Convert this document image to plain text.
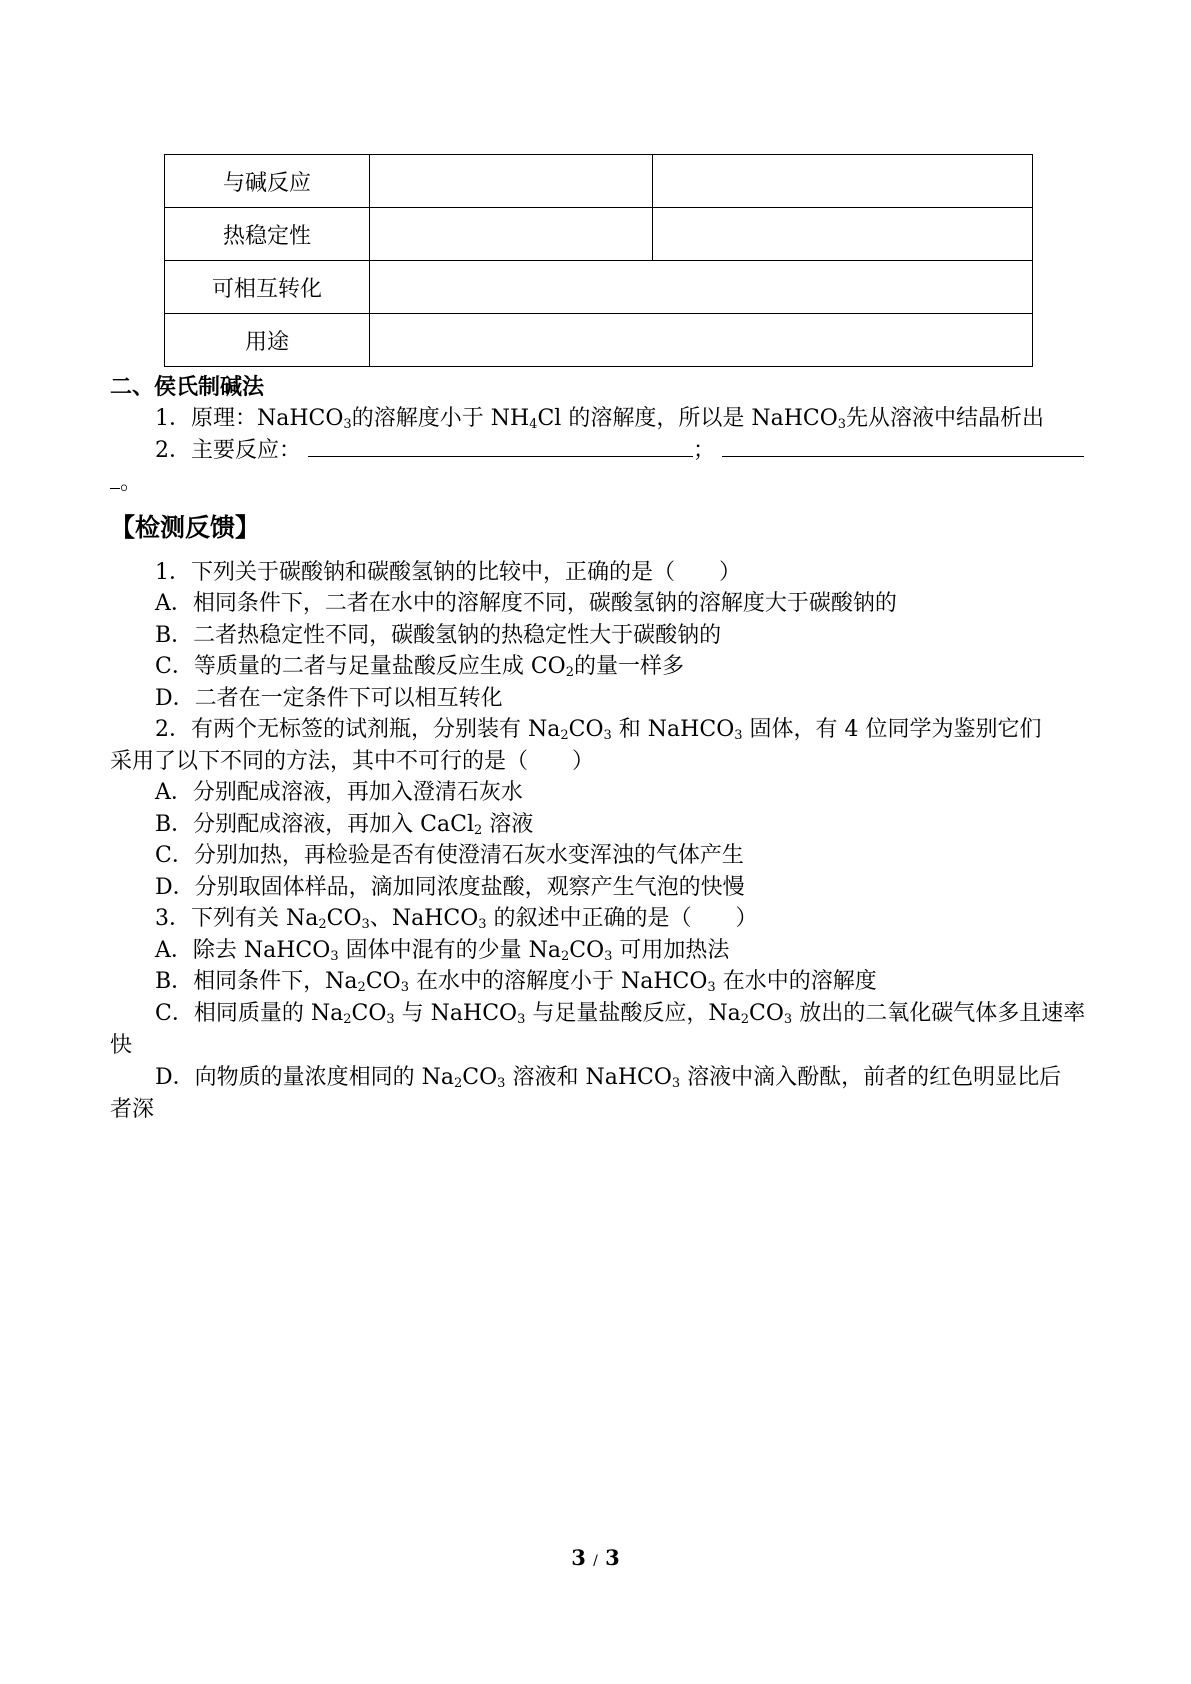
与碱反应		
热稳定性		
可相互转化		
用途		
二、侯氏制碱法
1．原理：NaHCO$_3$的溶解度小于 $NH_4Cl$ 的溶解度，所以是 NaHCO$_3$先从溶液中结晶析出
2．主要反应：	；
。
【检测反馈】
1．下列关于碳酸钠和碳酸氢钠的比较中，正确的是（　　）
A．相同条件下，二者在水中的溶解度不同，碳酸氢钠的溶解度大于碳酸钠的
B．二者热稳定性不同，碳酸氢钠的热稳定性大于碳酸钠的
C．等质量的二者与足量盐酸反应生成 $CO_2$的量一样多
D．二者在一定条件下可以相互转化
2．有两个无标签的试剂瓶，分别装有 $Na_2CO_3$ 和 NaHCO$_3$ 固体，有 4 位同学为鉴别它们
采用了以下不同的方法，其中不可行的是（　　）
A．分别配成溶液，再加入澄清石灰水
B．分别配成溶液，再加入 CaCl$_2$ 溶液
C．分别加热，再检验是否有使澄清石灰水变浑浊的气体产生
D．分别取固体样品，滴加同浓度盐酸，观察产生气泡的快慢
3．下列有关 $Na_2CO_3$、NaHCO$_3$ 的叙述中正确的是（　　）
A．除去 NaHCO$_3$ 固体中混有的少量 $Na_2CO_3$ 可用加热法
B．相同条件下，$Na_2CO_3$ 在水中的溶解度小于 NaHCO$_3$ 在水中的溶解度
C．相同质量的 $Na_2CO_3$ 与 NaHCO$_3$ 与足量盐酸反应，$Na_2CO_3$ 放出的二氧化碳气体多且速率
快
D．向物质的量浓度相同的 $Na_2CO_3$ 溶液和 NaHCO$_3$ 溶液中滴入酚酞，前者的红色明显比后
者深
3 / 3
